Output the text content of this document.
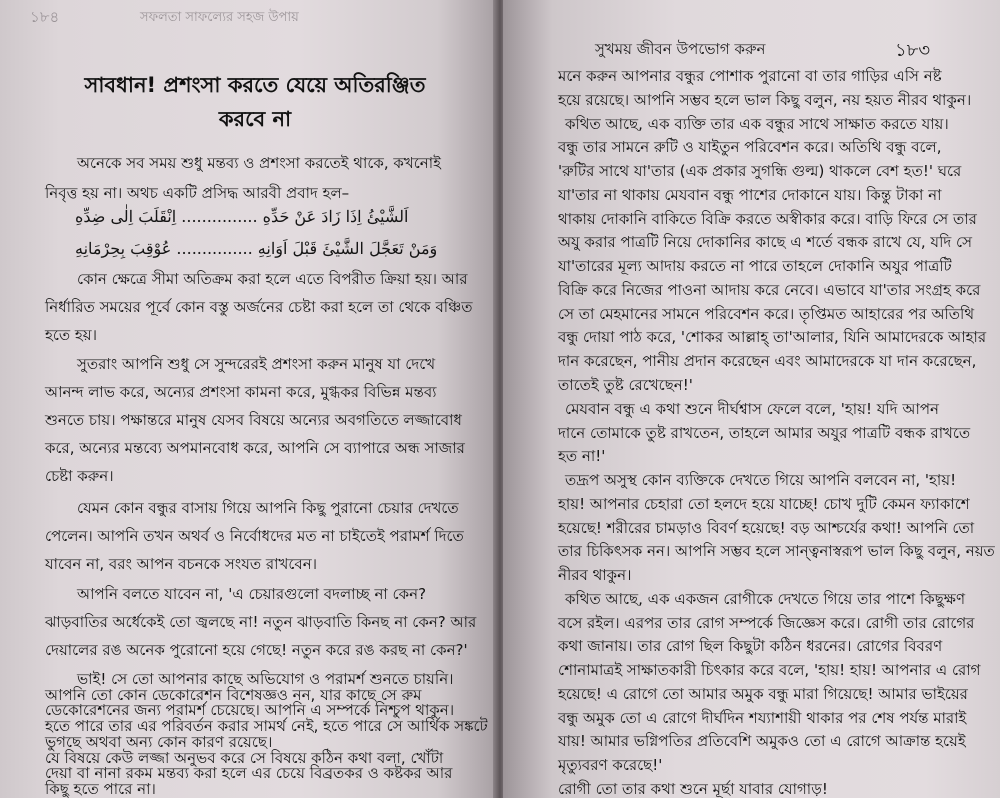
১৮৪	সফলতা সাফল্যের সহজ উপায়
সাবধান! প্রশংসা করতে যেয়ে অতিরঞ্জিত
করবে না
অনেকে সব সময় শুধু মন্তব্য ও প্রশংসা করতেই থাকে, কখনোই
নিবৃত্ত হয় না। অথচ একটি প্রসিদ্ধ আরবী প্রবাদ হল–
اَلشَّيْئُ اِذَا زَادَ عَنْ حَدِّهِ ............... اِنْقَلَبَ اِلٰى ضِدِّهِ
وَمَنْ تَعَجَّلَ الشَّيْئَ قَبْلَ اَوَانِهِ ............... عُوْقِبَ بِحِرْمَانِهِ
কোন ক্ষেত্রে সীমা অতিক্রম করা হলে এতে বিপরীত ক্রিয়া হয়। আর
নির্ধারিত সময়ের পূর্বে কোন বস্তু অর্জনের চেষ্টা করা হলে তা থেকে বঞ্চিত
হতে হয়।
সুতরাং আপনি শুধু সে সুন্দরেরই প্রশংসা করুন মানুষ যা দেখে
আনন্দ লাভ করে, অন্যের প্রশংসা কামনা করে, মুগ্ধকর বিভিন্ন মন্তব্য
শুনতে চায়। পক্ষান্তরে মানুষ যেসব বিষয়ে অন্যের অবগতিতে লজ্জাবোধ
করে, অন্যের মন্তব্যে অপমানবোধ করে, আপনি সে ব্যাপারে অন্ধ সাজার
চেষ্টা করুন।
যেমন কোন বন্ধুর বাসায় গিয়ে আপনি কিছু পুরানো চেয়ার দেখতে
পেলেন। আপনি তখন অথর্ব ও নির্বোধদের মত না চাইতেই পরামর্শ দিতে
যাবেন না, বরং আপন বচনকে সংযত রাখবেন।
আপনি বলতে যাবেন না, 'এ চেয়ারগুলো বদলাচ্ছ না কেন?
ঝাড়বাতির অর্ধেকেই তো জ্বলছে না! নতুন ঝাড়বাতি কিনছ না কেন? আর
দেয়ালের রঙ অনেক পুরোনো হয়ে গেছে! নতুন করে রঙ করছ না কেন?'
ভাই! সে তো আপনার কাছে অভিযোগ ও পরামর্শ শুনতে চায়নি।
আপনি তো কোন ডেকোরেশন বিশেষজ্ঞও নন, যার কাছে সে রুম
ডেকোরেশনের জন্য পরামর্শ চেয়েছে। আপনি এ সম্পর্কে নিশ্চুপ থাকুন।
হতে পারে তার এর পরিবর্তন করার সামর্থ নেই, হতে পারে সে আর্থিক সঙ্কটে
ভুগছে অথবা অন্য কোন কারণ রয়েছে।
যে বিষয়ে কেউ লজ্জা অনুভব করে সে বিষয়ে কঠিন কথা বলা, খোঁটা
দেয়া বা নানা রকম মন্তব্য করা হলে এর চেয়ে বিব্রতকর ও কষ্টকর আর
কিছু হতে পারে না।
সুখময় জীবন উপভোগ করুন	১৮৩
মনে করুন আপনার বন্ধুর পোশাক পুরানো বা তার গাড়ির এসি নষ্ট
হয়ে রয়েছে। আপনি সম্ভব হলে ভাল কিছু বলুন, নয় হয়ত নীরব থাকুন।
কথিত আছে, এক ব্যক্তি তার এক বন্ধুর সাথে সাক্ষাত করতে যায়।
বন্ধু তার সামনে রুটি ও যাইতুন পরিবেশন করে। অতিথি বন্ধু বলে,
'রুটির সাথে যা'তার (এক প্রকার সুগন্ধি গুল্ম) থাকলে বেশ হত!' ঘরে
যা'তার না থাকায় মেযবান বন্ধু পাশের দোকানে যায়। কিন্তু টাকা না
থাকায় দোকানি বাকিতে বিক্রি করতে অস্বীকার করে। বাড়ি ফিরে সে তার
অযু করার পাত্রটি নিয়ে দোকানির কাছে এ শর্তে বন্ধক রাখে যে, যদি সে
যা'তারের মূল্য আদায় করতে না পারে তাহলে দোকানি অযুর পাত্রটি
বিক্রি করে নিজের পাওনা আদায় করে নেবে। এভাবে যা'তার সংগ্রহ করে
সে তা মেহমানের সামনে পরিবেশন করে। তৃপ্তিমত আহারের পর অতিথি
বন্ধু দোয়া পাঠ করে, 'শোকর আল্লাহ্ তা'আলার, যিনি আমাদেরকে আহার
দান করেছেন, পানীয় প্রদান করেছেন এবং আমাদেরকে যা দান করেছেন,
তাতেই তুষ্ট রেখেছেন!'
মেযবান বন্ধু এ কথা শুনে দীর্ঘশ্বাস ফেলে বলে, 'হায়! যদি আপন
দানে তোমাকে তুষ্ট রাখতেন, তাহলে আমার অযুর পাত্রটি বন্ধক রাখতে
হত না!'
তদ্রূপ অসুস্থ কোন ব্যক্তিকে দেখতে গিয়ে আপনি বলবেন না, 'হায়!
হায়! আপনার চেহারা তো হলদে হয়ে যাচ্ছে! চোখ দুটি কেমন ফ্যাকাশে
হয়েছে! শরীরের চামড়াও বিবর্ণ হয়েছে! বড় আশ্চর্যের কথা! আপনি তো
তার চিকিৎসক নন। আপনি সম্ভব হলে সান্ত্বনাস্বরূপ ভাল কিছু বলুন, নয়ত
নীরব থাকুন।
কথিত আছে, এক একজন রোগীকে দেখতে গিয়ে তার পাশে কিছুক্ষণ
বসে রইল। এরপর তার রোগ সম্পর্কে জিজ্ঞেস করে। রোগী তার রোগের
কথা জানায়। তার রোগ ছিল কিছুটা কঠিন ধরনের। রোগের বিবরণ
শোনামাত্রই সাক্ষাতকারী চিৎকার করে বলে, 'হায়! হায়! আপনার এ রোগ
হয়েছে! এ রোগে তো আমার অমুক বন্ধু মারা গিয়েছে! আমার ভাইয়ের
বন্ধু অমুক তো এ রোগে দীর্ঘদিন শয্যাশায়ী থাকার পর শেষ পর্যন্ত মারাই
যায়! আমার ভগ্নিপতির প্রতিবেশি অমুকও তো এ রোগে আক্রান্ত হয়েই
মৃত্যুবরণ করেছে!'
রোগী তো তার কথা শুনে মূর্ছা যাবার যোগাড়!
